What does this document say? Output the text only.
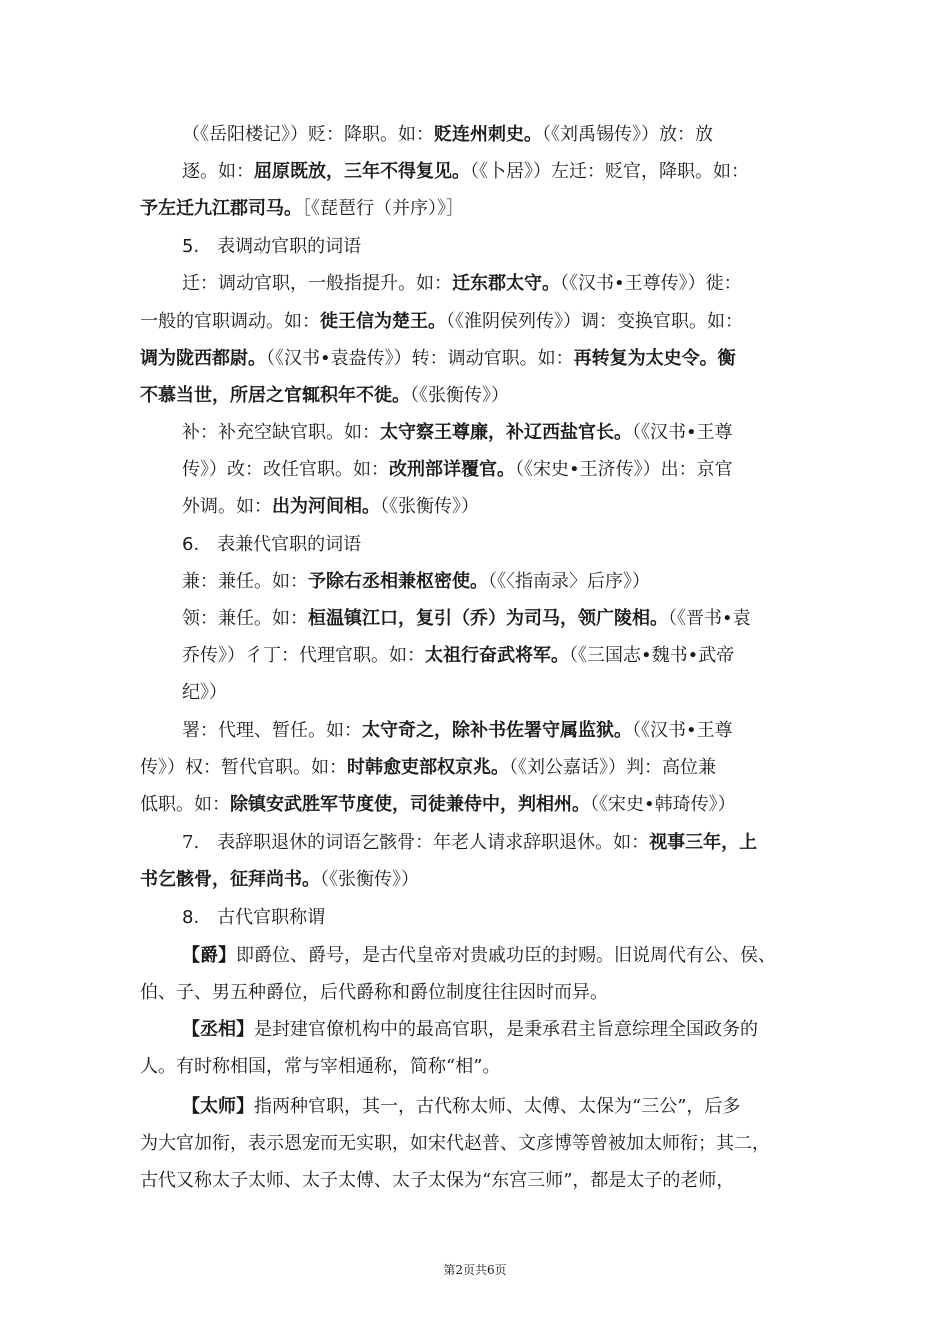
（《岳阳楼记》）贬：降职。如：贬连州刺史。（《刘禹锡传》）放：放
逐。如：屈原既放，三年不得复见。（《卜居》）左迁：贬官，降职。如：
予左迁九江郡司马。［《琵琶行（并序）》］
5.　表调动官职的词语
迁：调动官职，一般指提升。如：迁东郡太守。（《汉书•王尊传》）徙：
一般的官职调动。如：徙王信为楚王。（《淮阴侯列传》）调：变换官职。如：
调为陇西都尉。（《汉书•袁盎传》）转：调动官职。如：再转复为太史令。衡
不慕当世，所居之官辄积年不徙。（《张衡传》）
补：补充空缺官职。如：太守察王尊廉，补辽西盐官长。（《汉书•王尊
传》）改：改任官职。如：改刑部详覆官。（《宋史•王济传》）出：京官
外调。如：出为河间相。（《张衡传》）
6.　表兼代官职的词语
兼：兼任。如：予除右丞相兼枢密使。（《〈指南录〉后序》）
领：兼任。如：桓温镇江口，复引（乔）为司马，领广陵相。（《晋书•袁
乔传》）彳丁：代理官职。如：太祖行奋武将军。（《三国志•魏书•武帝
纪》）
署：代理、暂任。如：太守奇之，除补书佐署守属监狱。（《汉书•王尊
传》）权：暂代官职。如：时韩愈吏部权京兆。（《刘公嘉话》）判：高位兼
低职。如：除镇安武胜军节度使，司徒兼侍中，判相州。（《宋史•韩琦传》）
7.　表辞职退休的词语乞骸骨：年老人请求辞职退休。如：视事三年，上
书乞骸骨，征拜尚书。（《张衡传》）
8.　古代官职称谓
【爵】即爵位、爵号，是古代皇帝对贵戚功臣的封赐。旧说周代有公、侯、
伯、子、男五种爵位，后代爵称和爵位制度往往因时而异。
【丞相】是封建官僚机构中的最高官职，是秉承君主旨意综理全国政务的
人。有时称相国，常与宰相通称，简称“相”。
【太师】指两种官职，其一，古代称太师、太傅、太保为“三公”，后多
为大官加衔，表示恩宠而无实职，如宋代赵普、文彦博等曾被加太师衔；其二，
古代又称太子太师、太子太傅、太子太保为“东宫三师”，都是太子的老师，
第2页共6页
